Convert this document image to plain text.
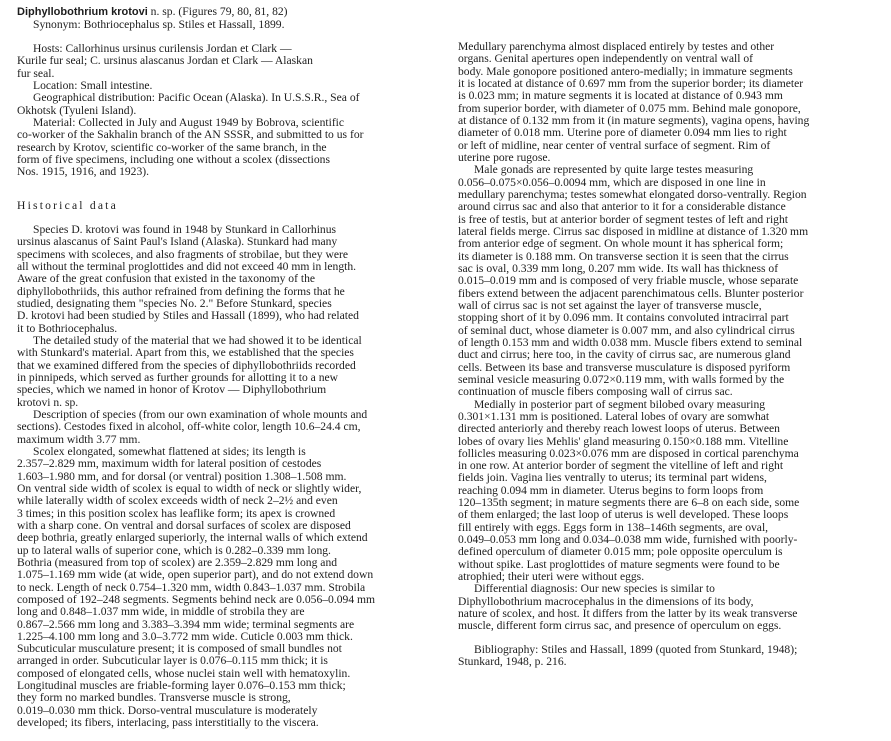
Diphyllobothrium krotovi n. sp. (Figures 79, 80, 81, 82)
Synonym: Bothriocephalus sp. Stiles et Hassall, 1899.
Hosts: Callorhinus ursinus curilensis Jordan et Clark —
Kurile fur seal; C. ursinus alascanus Jordan et Clark — Alaskan
fur seal.
Location: Small intestine.
Geographical distribution: Pacific Ocean (Alaska). In U.S.S.R., Sea of
Okhotsk (Tyuleni Island).
Material: Collected in July and August 1949 by Bobrova, scientific
co-worker of the Sakhalin branch of the AN SSSR, and submitted to us for
research by Krotov, scientific co-worker of the same branch, in the
form of five specimens, including one without a scolex (dissections
Nos. 1915, 1916, and 1923).
Historical data
Species D. krotovi was found in 1948 by Stunkard in Callorhinus
ursinus alascanus of Saint Paul's Island (Alaska). Stunkard had many
specimens with scoleces, and also fragments of strobilae, but they were
all without the terminal proglottides and did not exceed 40 mm in length.
Aware of the great confusion that existed in the taxonomy of the
diphyllobothriids, this author refrained from defining the forms that he
studied, designating them "species No. 2." Before Stunkard, species
D. krotovi had been studied by Stiles and Hassall (1899), who had related
it to Bothriocephalus.
The detailed study of the material that we had showed it to be identical
with Stunkard's material. Apart from this, we established that the species
that we examined differed from the species of diphyllobothriids recorded
in pinnipeds, which served as further grounds for allotting it to a new
species, which we named in honor of Krotov — Diphyllobothrium
krotovi n. sp.
Description of species (from our own examination of whole mounts and
sections). Cestodes fixed in alcohol, off-white color, length 10.6–24.4 cm,
maximum width 3.77 mm.
Scolex elongated, somewhat flattened at sides; its length is
2.357–2.829 mm, maximum width for lateral position of cestodes
1.603–1.980 mm, and for dorsal (or ventral) position 1.308–1.508 mm.
On ventral side width of scolex is equal to width of neck or slightly wider,
while laterally width of scolex exceeds width of neck 2–2½ and even
3 times; in this position scolex has leaflike form; its apex is crowned
with a sharp cone. On ventral and dorsal surfaces of scolex are disposed
deep bothria, greatly enlarged superiorly, the internal walls of which extend
up to lateral walls of superior cone, which is 0.282–0.339 mm long.
Bothria (measured from top of scolex) are 2.359–2.829 mm long and
1.075–1.169 mm wide (at wide, open superior part), and do not extend down
to neck. Length of neck 0.754–1.320 mm, width 0.843–1.037 mm. Strobila
composed of 192–248 segments. Segments behind neck are 0.056–0.094 mm
long and 0.848–1.037 mm wide, in middle of strobila they are
0.867–2.566 mm long and 3.383–3.394 mm wide; terminal segments are
1.225–4.100 mm long and 3.0–3.772 mm wide. Cuticle 0.003 mm thick.
Subcuticular musculature present; it is composed of small bundles not
arranged in order. Subcuticular layer is 0.076–0.115 mm thick; it is
composed of elongated cells, whose nuclei stain well with hematoxylin.
Longitudinal muscles are friable-forming layer 0.076–0.153 mm thick;
they form no marked bundles. Transverse muscle is strong,
0.019–0.030 mm thick. Dorso-ventral musculature is moderately
developed; its fibers, interlacing, pass interstitially to the viscera.
Medullary parenchyma almost displaced entirely by testes and other
organs. Genital apertures open independently on ventral wall of
body. Male gonopore positioned antero-medially; in immature segments
it is located at distance of 0.697 mm from the superior border; its diameter
is 0.023 mm; in mature segments it is located at distance of 0.943 mm
from superior border, with diameter of 0.075 mm. Behind male gonopore,
at distance of 0.132 mm from it (in mature segments), vagina opens, having
diameter of 0.018 mm. Uterine pore of diameter 0.094 mm lies to right
or left of midline, near center of ventral surface of segment. Rim of
uterine pore rugose.
Male gonads are represented by quite large testes measuring
0.056–0.075×0.056–0.0094 mm, which are disposed in one line in
medullary parenchyma; testes somewhat elongated dorso-ventrally. Region
around cirrus sac and also that anterior to it for a considerable distance
is free of testis, but at anterior border of segment testes of left and right
lateral fields merge. Cirrus sac disposed in midline at distance of 1.320 mm
from anterior edge of segment. On whole mount it has spherical form;
its diameter is 0.188 mm. On transverse section it is seen that the cirrus
sac is oval, 0.339 mm long, 0.207 mm wide. Its wall has thickness of
0.015–0.019 mm and is composed of very friable muscle, whose separate
fibers extend between the adjacent parenchimatous cells. Blunter posterior
wall of cirrus sac is not set against the layer of transverse muscle,
stopping short of it by 0.096 mm. It contains convoluted intracirral part
of seminal duct, whose diameter is 0.007 mm, and also cylindrical cirrus
of length 0.153 mm and width 0.038 mm. Muscle fibers extend to seminal
duct and cirrus; here too, in the cavity of cirrus sac, are numerous gland
cells. Between its base and transverse musculature is disposed pyriform
seminal vesicle measuring 0.072×0.119 mm, with walls formed by the
continuation of muscle fibers composing wall of cirrus sac.
Medially in posterior part of segment bilobed ovary measuring
0.301×1.131 mm is positioned. Lateral lobes of ovary are somwhat
directed anteriorly and thereby reach lowest loops of uterus. Between
lobes of ovary lies Mehlis' gland measuring 0.150×0.188 mm. Vitelline
follicles measuring 0.023×0.076 mm are disposed in cortical parenchyma
in one row. At anterior border of segment the vitelline of left and right
fields join. Vagina lies ventrally to uterus; its terminal part widens,
reaching 0.094 mm in diameter. Uterus begins to form loops from
120–135th segment; in mature segments there are 6–8 on each side, some
of them enlarged; the last loop of uterus is well developed. These loops
fill entirely with eggs. Eggs form in 138–146th segments, are oval,
0.049–0.053 mm long and 0.034–0.038 mm wide, furnished with poorly-
defined operculum of diameter 0.015 mm; pole opposite operculum is
without spike. Last proglottides of mature segments were found to be
atrophied; their uteri were without eggs.
Differential diagnosis: Our new species is similar to
Diphyllobothrium macrocephalus in the dimensions of its body,
nature of scolex, and host. It differs from the latter by its weak transverse
muscle, different form cirrus sac, and presence of operculum on eggs.
Bibliography: Stiles and Hassall, 1899 (quoted from Stunkard, 1948);
Stunkard, 1948, p. 216.
